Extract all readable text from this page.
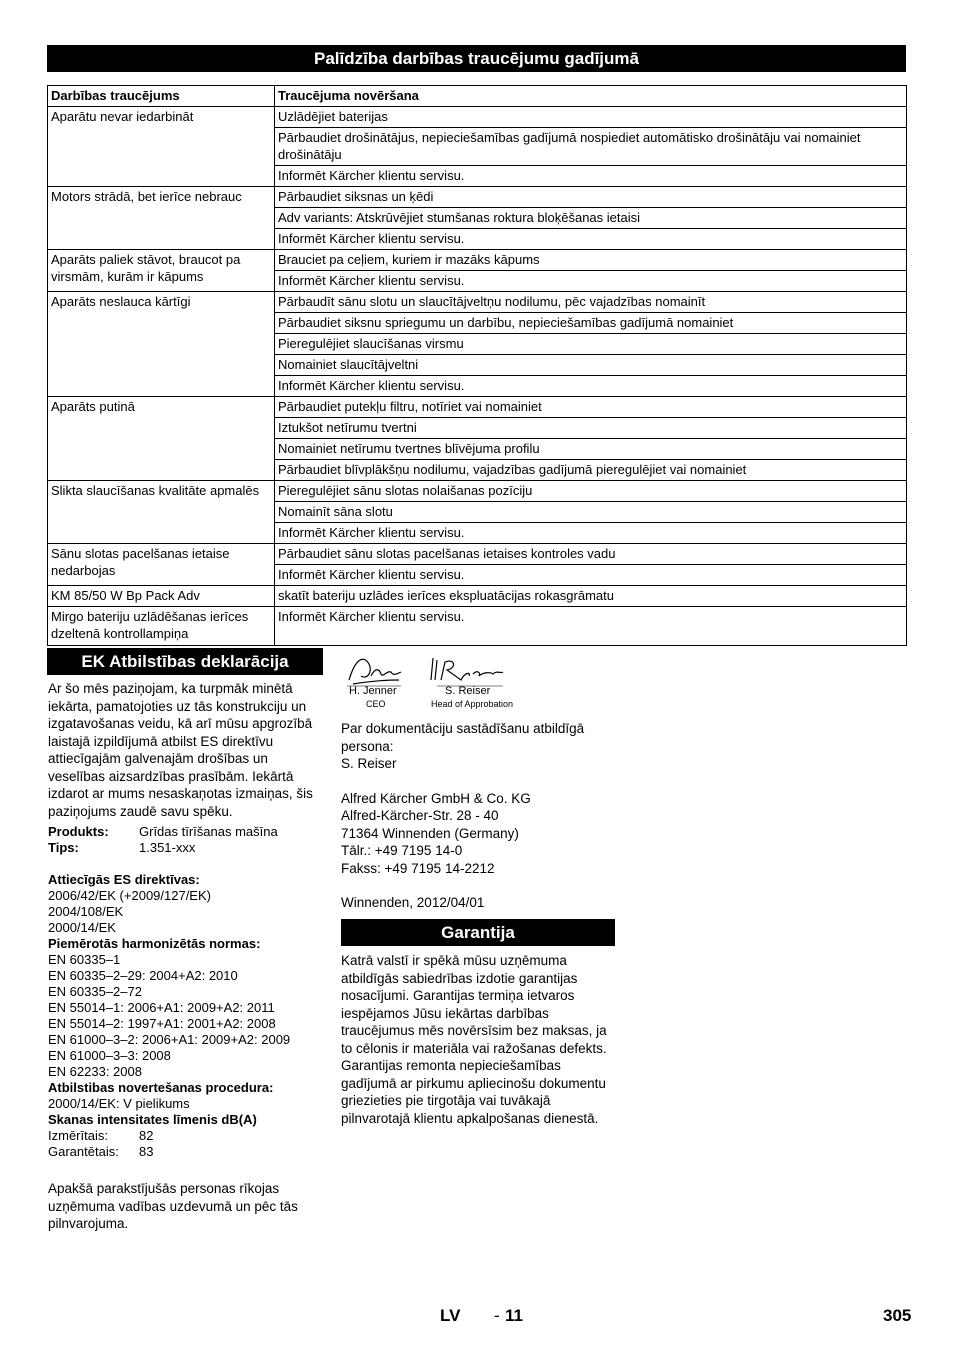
Palīdzība darbības traucējumu gadījumā
Darbības traucējums	Traucējuma novēršana
Aparātu nevar iedarbināt	Uzlādējiet baterijas
	Pārbaudiet drošinātājus, nepieciešamības gadījumā nospiediet automātisko drošinātāju vai nomainiet drošinātāju
	Informēt Kärcher klientu servisu.
Motors strādā, bet ierīce nebrauc	Pārbaudiet siksnas un ķēdi
	Adv variants: Atskrūvējiet stumšanas roktura bloķēšanas ietaisi
	Informēt Kärcher klientu servisu.
Aparāts paliek stāvot, braucot pa virsmām, kurām ir kāpums	Brauciet pa ceļiem, kuriem ir mazāks kāpums
	Informēt Kärcher klientu servisu.
Aparāts neslauca kārtīgi	Pārbaudīt sānu slotu un slaucītājveltņu nodilumu, pēc vajadzības nomainīt
	Pārbaudiet siksnu spriegumu un darbību, nepieciešamības gadījumā nomainiet
	Pieregulējiet slaucīšanas virsmu
	Nomainiet slaucītājveltni
	Informēt Kärcher klientu servisu.
Aparāts putinā	Pārbaudiet putekļu filtru, notīriet vai nomainiet
	Iztukšot netīrumu tvertni
	Nomainiet netīrumu tvertnes blīvējuma profilu
	Pārbaudiet blīvplākšņu nodilumu, vajadzības gadījumā pieregulējiet vai nomainiet
Slikta slaucīšanas kvalitāte apmalēs	Pieregulējiet sānu slotas nolaišanas pozīciju
	Nomainīt sāna slotu
	Informēt Kärcher klientu servisu.
Sānu slotas pacelšanas ietaise nedarbojas	Pārbaudiet sānu slotas pacelšanas ietaises kontroles vadu
	Informēt Kärcher klientu servisu.
KM 85/50 W Bp Pack Adv	skatīt bateriju uzlādes ierīces ekspluatācijas rokasgrāmatu
Mirgo bateriju uzlādēšanas ierīces dzeltenā kontrollampiņa	Informēt Kärcher klientu servisu.
EK Atbilstības deklarācija

Ar šo mēs paziņojam, ka turpmāk minētā iekārta, pamatojoties uz tās konstrukciju un izgatavošanas veidu, kā arī mūsu apgrozībā laistajā izpildījumā atbilst ES direktīvu attiecīgajām galvenajām drošības un veselības aizsardzības prasībām. Iekārtā izdarot ar mums nesaskaņotas izmaiņas, šis paziņojums zaudē savu spēku.

Produkts:	Grīdas tīrīšanas mašīna
Tips:	1.351-xxx
Attiecīgās ES direktīvas:
2006/42/EK (+2009/127/EK)
2004/108/EK
2000/14/EK
Piemērotās harmonizētās normas:
EN 60335–1
EN 60335–2–29: 2004+A2: 2010
EN 60335–2–72
EN 55014–1: 2006+A1: 2009+A2: 2011
EN 55014–2: 1997+A1: 2001+A2: 2008
EN 61000–3–2: 2006+A1: 2009+A2: 2009
EN 61000–3–3: 2008
EN 62233: 2008
Atbilstibas novertešanas procedura:
2000/14/EK: V pielikums
Skanas intensitates līmenis dB(A)
Izmērītais:	82
Garantētais:	83

Apakšā parakstījušās personas rīkojas uzņēmuma vadības uzdevumā un pēc tās pilnvarojuma.

H. Jenner
CEO
S. Reiser
Head of Approbation
Par dokumentāciju sastādīšanu atbildīgā persona:
S. Reiser
Alfred Kärcher GmbH & Co. KG
Alfred-Kärcher-Str. 28 - 40
71364 Winnenden (Germany)
Tālr.: +49 7195 14-0
Fakss: +49 7195 14-2212
Winnenden, 2012/04/01
Garantija
Katrā valstī ir spēkā mūsu uzņēmuma atbildīgās sabiedrības izdotie garantijas nosacījumi. Garantijas termiņa ietvaros iespējamos Jūsu iekārtas darbības traucējumus mēs novērsīsim bez maksas, ja to cēlonis ir materiāla vai ražošanas defekts. Garantijas remonta nepieciešamības gadījumā ar pirkumu apliecinošu dokumentu griezieties pie tirgotāja vai tuvākajā pilnvarotajā klientu apkalpošanas dienestā.
LV - 11	305
